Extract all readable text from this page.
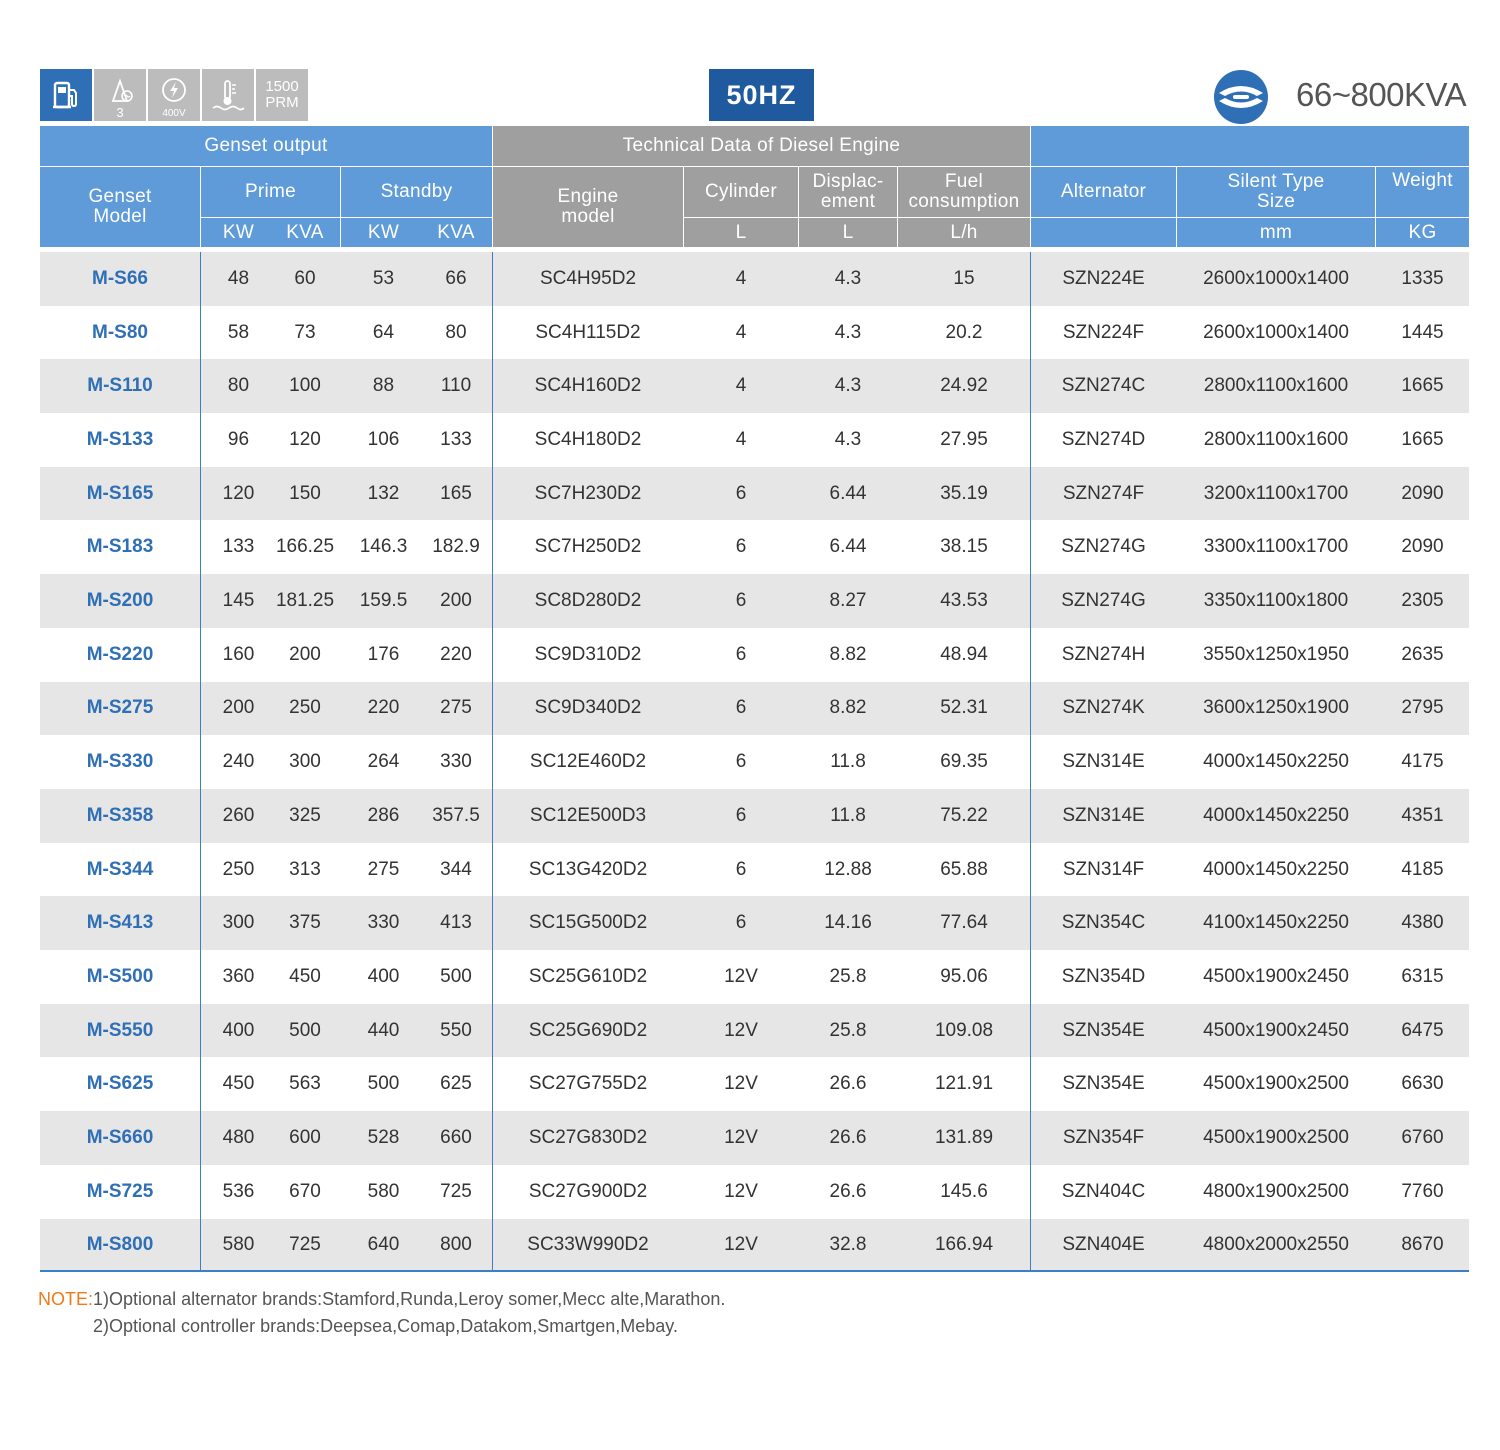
3	400V
1500
PRM	50HZ	66~800KVA
Genset output	Technical Data of Diesel Engine
Genset Model
Prime	Standby
KW	KVA	KW	KVA
Engine model
Cylinder	Displac- ement
Fuel consumption
L	L	L/h
Alternator	Silent Type Size
Weight
mm	KG
M-S66	48	60	53	66	SC4H95D2	4	4.3	15	SZN224E	2600x1000x1400	1335
M-S80	58	73	64	80	SC4H115D2	4	4.3	20.2	SZN224F	2600x1000x1400	1445
M-S110	80	100	88	110	SC4H160D2	4	4.3	24.92	SZN274C	2800x1100x1600	1665
M-S133	96	120	106	133	SC4H180D2	4	4.3	27.95	SZN274D	2800x1100x1600	1665
M-S165	120	150	132	165	SC7H230D2	6	6.44	35.19	SZN274F	3200x1100x1700	2090
M-S183	133	166.25	146.3	182.9	SC7H250D2	6	6.44	38.15	SZN274G	3300x1100x1700	2090
M-S200	145	181.25	159.5	200	SC8D280D2	6	8.27	43.53	SZN274G	3350x1100x1800	2305
M-S220	160	200	176	220	SC9D310D2	6	8.82	48.94	SZN274H	3550x1250x1950	2635
M-S275	200	250	220	275	SC9D340D2	6	8.82	52.31	SZN274K	3600x1250x1900	2795
M-S330	240	300	264	330	SC12E460D2	6	11.8	69.35	SZN314E	4000x1450x2250	4175
M-S358	260	325	286	357.5	SC12E500D3	6	11.8	75.22	SZN314E	4000x1450x2250	4351
M-S344	250	313	275	344	SC13G420D2	6	12.88	65.88	SZN314F	4000x1450x2250	4185
M-S413	300	375	330	413	SC15G500D2	6	14.16	77.64	SZN354C	4100x1450x2250	4380
M-S500	360	450	400	500	SC25G610D2	12V	25.8	95.06	SZN354D	4500x1900x2450	6315
M-S550	400	500	440	550	SC25G690D2	12V	25.8	109.08	SZN354E	4500x1900x2450	6475
M-S625	450	563	500	625	SC27G755D2	12V	26.6	121.91	SZN354E	4500x1900x2500	6630
M-S660	480	600	528	660	SC27G830D2	12V	26.6	131.89	SZN354F	4500x1900x2500	6760
M-S725	536	670	580	725	SC27G900D2	12V	26.6	145.6	SZN404C	4800x1900x2500	7760
M-S800	580	725	640	800	SC33W990D2	12V	32.8	166.94	SZN404E	4800x2000x2550	8670
NOTE:1)Optional alternator brands:Stamford,Runda,Leroy somer,Mecc alte,Marathon.
2)Optional controller brands:Deepsea,Comap,Datakom,Smartgen,Mebay.
